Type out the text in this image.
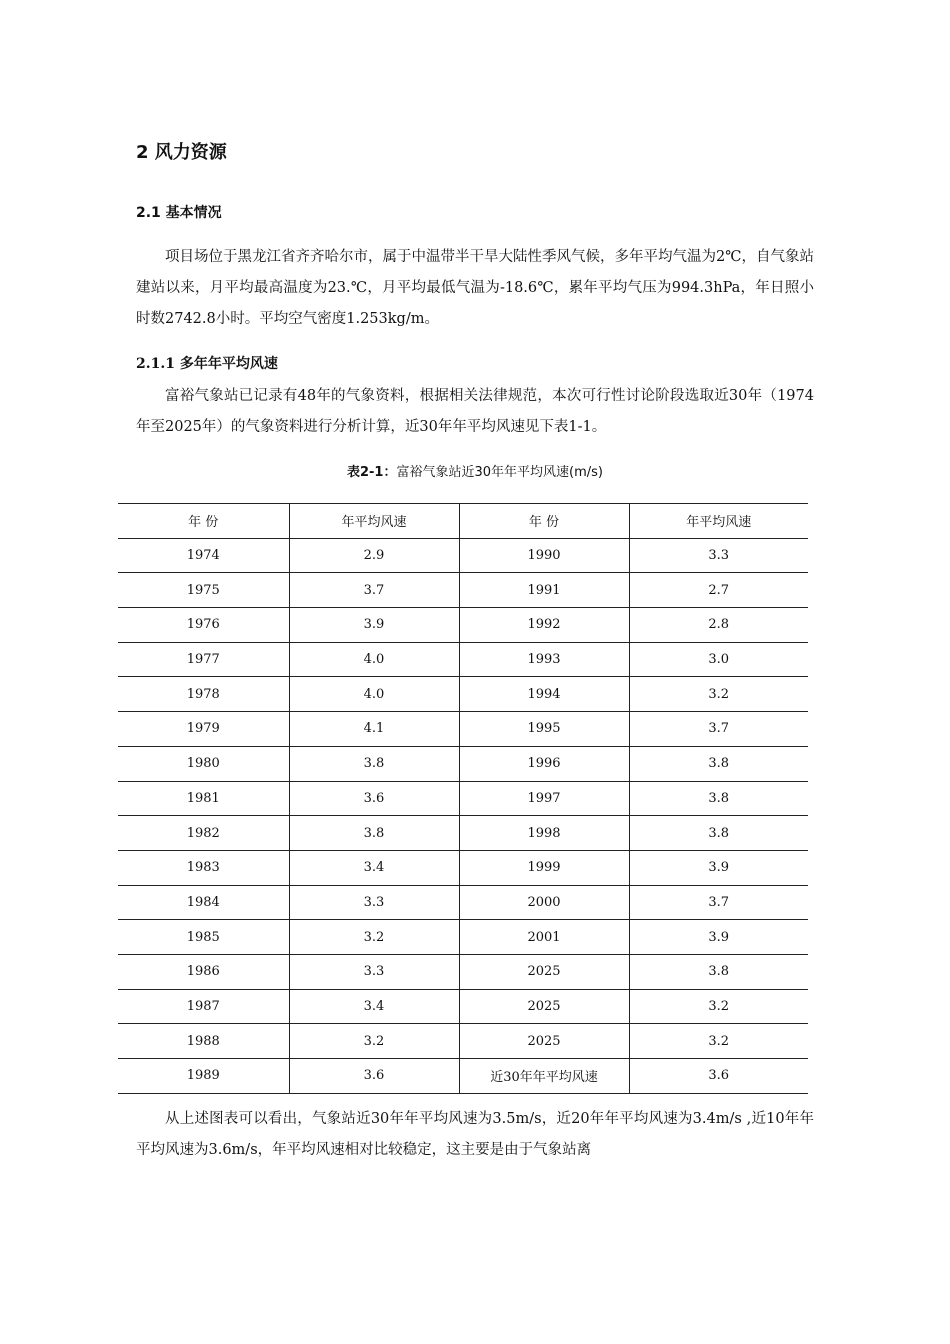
2 风力资源
2.1 基本情况

项目场位于黑龙江省齐齐哈尔市，属于中温带半干旱大陆性季风气候，多年平均气温为2℃，自气象站建站以来，月平均最高温度为23.℃，月平均最低气温为-18.6℃，累年平均气压为994.3hPa，年日照小时数2742.8小时。平均空气密度1.253kg/m。

2.1.1 多年年平均风速

富裕气象站已记录有48年的气象资料，根据相关法律规范，本次可行性讨论阶段选取近30年（1974年至2025年）的气象资料进行分析计算，近30年年平均风速见下表1-1。

表2-1：富裕气象站近30年年平均风速(m/s)
年 份	年平均风速	年 份	年平均风速
1974	2.9	1990	3.3
1975	3.7	1991	2.7
1976	3.9	1992	2.8
1977	4.0	1993	3.0
1978	4.0	1994	3.2
1979	4.1	1995	3.7
1980	3.8	1996	3.8
1981	3.6	1997	3.8
1982	3.8	1998	3.8
1983	3.4	1999	3.9
1984	3.3	2000	3.7
1985	3.2	2001	3.9
1986	3.3	2025	3.8
1987	3.4	2025	3.2
1988	3.2	2025	3.2
1989	3.6	近30年年平均风速	3.6

从上述图表可以看出，气象站近30年年平均风速为3.5m/s，近20年年平均风速为3.4m/s ,近10年年平均风速为3.6m/s，年平均风速相对比较稳定，这主要是由于气象站离
